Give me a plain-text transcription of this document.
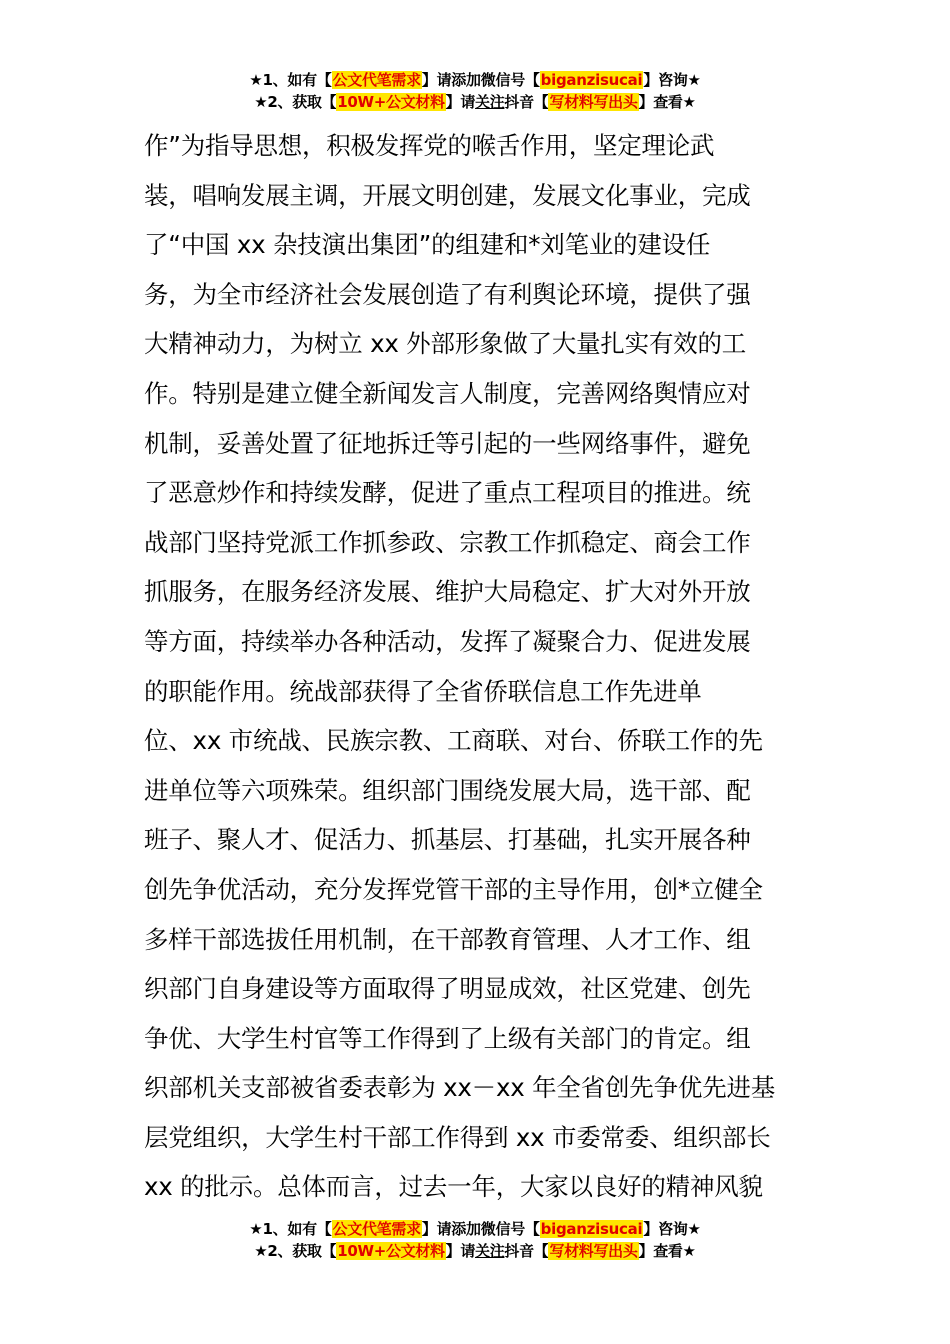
★1、如有【公文代笔需求】请添加微信号【biganzisucai】咨询★
★2、获取【10W+公文材料】请关注抖音【写材料写出头】查看★
作”为指导思想，积极发挥党的喉舌作用，坚定理论武
装，唱响发展主调，开展文明创建，发展文化事业，完成
了“中国 xx 杂技演出集团”的组建和*刘笔业的建设任
务，为全市经济社会发展创造了有利舆论环境，提供了强
大精神动力，为树立 xx 外部形象做了大量扎实有效的工
作。特别是建立健全新闻发言人制度，完善网络舆情应对
机制，妥善处置了征地拆迁等引起的一些网络事件，避免
了恶意炒作和持续发酵，促进了重点工程项目的推进。统
战部门坚持党派工作抓参政、宗教工作抓稳定、商会工作
抓服务，在服务经济发展、维护大局稳定、扩大对外开放
等方面，持续举办各种活动，发挥了凝聚合力、促进发展
的职能作用。统战部获得了全省侨联信息工作先进单
位、xx 市统战、民族宗教、工商联、对台、侨联工作的先
进单位等六项殊荣。组织部门围绕发展大局，选干部、配
班子、聚人才、促活力、抓基层、打基础，扎实开展各种
创先争优活动，充分发挥党管干部的主导作用，创*立健全
多样干部选拔任用机制，在干部教育管理、人才工作、组
织部门自身建设等方面取得了明显成效，社区党建、创先
争优、大学生村官等工作得到了上级有关部门的肯定。组
织部机关支部被省委表彰为 xx－xx 年全省创先争优先进基
层党组织，大学生村干部工作得到 xx 市委常委、组织部长
xx 的批示。总体而言，过去一年，大家以良好的精神风貌
★1、如有【公文代笔需求】请添加微信号【biganzisucai】咨询★
★2、获取【10W+公文材料】请关注抖音【写材料写出头】查看★
